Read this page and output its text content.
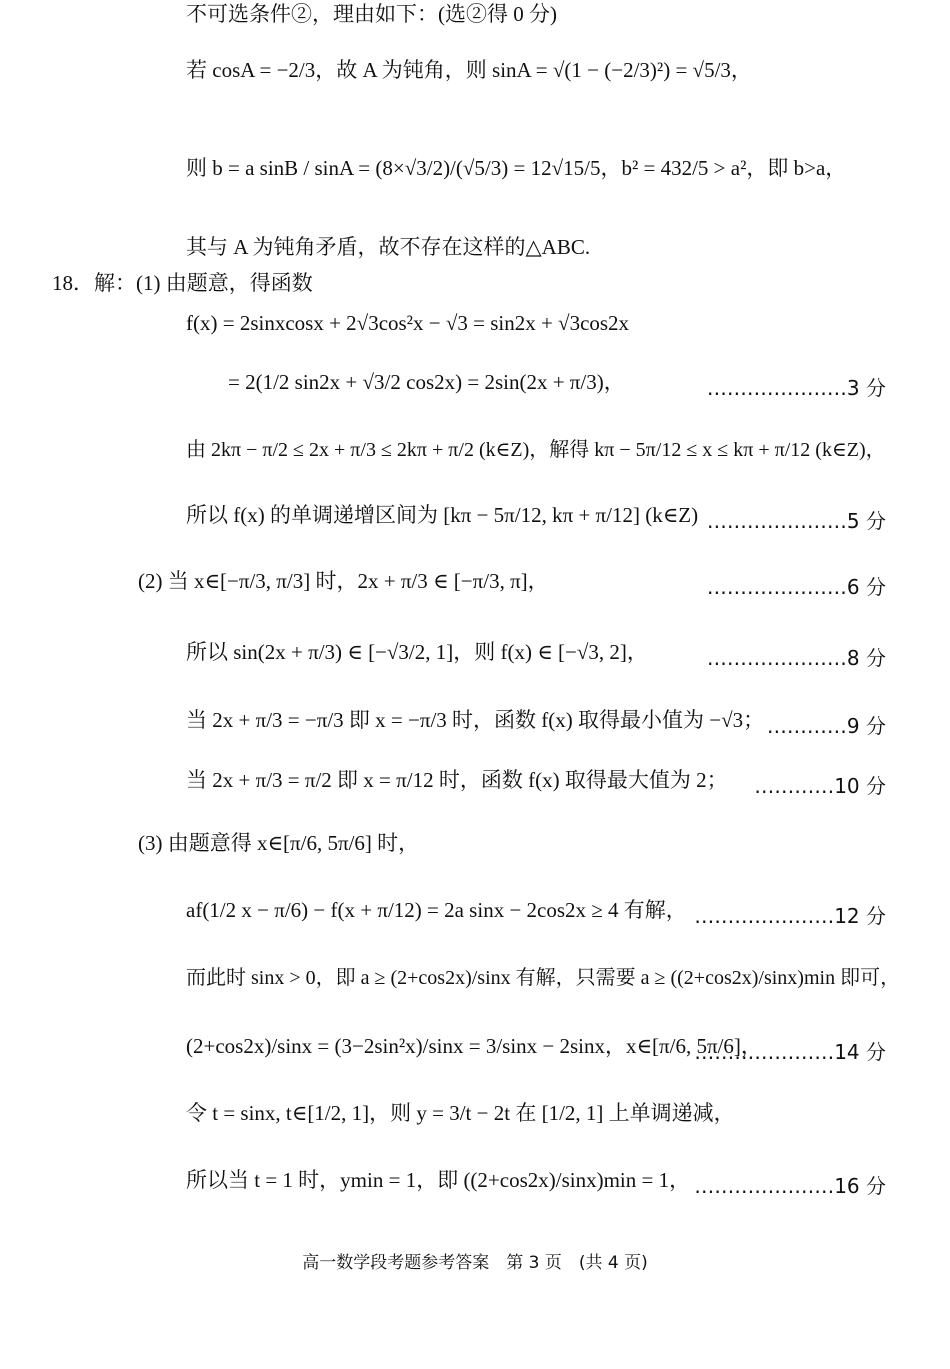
不可选条件②，理由如下：(选②得 0 分)
若 cosA = −2/3，故 A 为钝角，则 sinA = √(1 − (−2/3)²) = √5/3，
则 b = a sinB / sinA = (8×√3/2)/(√5/3) = 12√15/5，b² = 432/5 > a²，即 b>a，
其与 A 为钝角矛盾，故不存在这样的△ABC.
18．解：(1) 由题意，得函数
f(x) = 2sinxcosx + 2√3cos²x − √3 = sin2x + √3cos2x
= 2(1/2 sin2x + √3/2 cos2x) = 2sin(2x + π/3)，
由 2kπ − π/2 ≤ 2x + π/3 ≤ 2kπ + π/2 (k∈Z)，解得 kπ − 5π/12 ≤ x ≤ kπ + π/12 (k∈Z)，
所以 f(x) 的单调递增区间为 [kπ − 5π/12, kπ + π/12] (k∈Z)
(2) 当 x∈[−π/3, π/3] 时，2x + π/3 ∈ [−π/3, π]，
所以 sin(2x + π/3) ∈ [−√3/2, 1]，则 f(x) ∈ [−√3, 2]，
当 2x + π/3 = −π/3 即 x = −π/3 时，函数 f(x) 取得最小值为 −√3；
当 2x + π/3 = π/2 即 x = π/12 时，函数 f(x) 取得最大值为 2；
(3) 由题意得 x∈[π/6, 5π/6] 时，
af(1/2 x − π/6) − f(x + π/12) = 2a sinx − 2cos2x ≥ 4 有解，
而此时 sinx > 0，即 a ≥ (2+cos2x)/sinx 有解，只需要 a ≥ ((2+cos2x)/sinx)min 即可，
(2+cos2x)/sinx = (3−2sin²x)/sinx = 3/sinx − 2sinx，x∈[π/6, 5π/6]，
令 t = sinx, t∈[1/2, 1]，则 y = 3/t − 2t 在 [1/2, 1] 上单调递减，
所以当 t = 1 时，ymin = 1，即 ((2+cos2x)/sinx)min = 1，
…………………3 分
…………………5 分
…………………6 分
…………………8 分
…………9 分
…………10 分
…………………12 分
…………………14 分
…………………16 分
高一数学段考题参考答案　第 3 页　(共 4 页)
